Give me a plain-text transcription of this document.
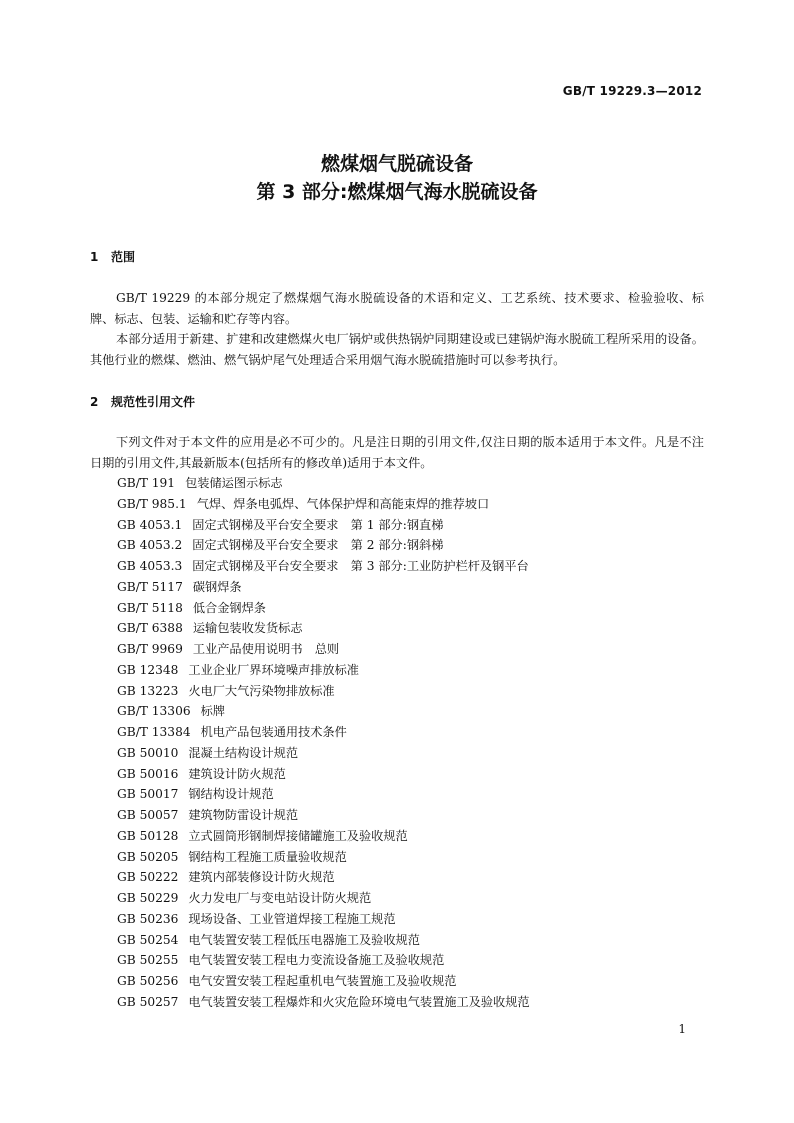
GB/T 19229.3—2012
燃煤烟气脱硫设备
第 3 部分:燃煤烟气海水脱硫设备
1 范围

GB/T 19229 的本部分规定了燃煤烟气海水脱硫设备的术语和定义、工艺系统、技术要求、检验验收、标牌、标志、包装、运输和贮存等内容。

本部分适用于新建、扩建和改建燃煤火电厂锅炉或供热锅炉同期建设或已建锅炉海水脱硫工程所采用的设备。其他行业的燃煤、燃油、燃气锅炉尾气处理适合采用烟气海水脱硫措施时可以参考执行。

2 规范性引用文件

下列文件对于本文件的应用是必不可少的。凡是注日期的引用文件,仅注日期的版本适用于本文件。凡是不注日期的引用文件,其最新版本(包括所有的修改单)适用于本文件。

GB/T 191 包装储运图示标志
GB/T 985.1 气焊、焊条电弧焊、气体保护焊和高能束焊的推荐坡口
GB 4053.1 固定式钢梯及平台安全要求　第 1 部分:钢直梯
GB 4053.2 固定式钢梯及平台安全要求　第 2 部分:钢斜梯
GB 4053.3 固定式钢梯及平台安全要求　第 3 部分:工业防护栏杆及钢平台
GB/T 5117 碳钢焊条
GB/T 5118 低合金钢焊条
GB/T 6388 运输包装收发货标志
GB/T 9969 工业产品使用说明书　总则
GB 12348 工业企业厂界环境噪声排放标准
GB 13223 火电厂大气污染物排放标准
GB/T 13306 标牌
GB/T 13384 机电产品包装通用技术条件
GB 50010 混凝土结构设计规范
GB 50016 建筑设计防火规范
GB 50017 钢结构设计规范
GB 50057 建筑物防雷设计规范
GB 50128 立式圆筒形钢制焊接储罐施工及验收规范
GB 50205 钢结构工程施工质量验收规范
GB 50222 建筑内部装修设计防火规范
GB 50229 火力发电厂与变电站设计防火规范
GB 50236 现场设备、工业管道焊接工程施工规范
GB 50254 电气装置安装工程低压电器施工及验收规范
GB 50255 电气装置安装工程电力变流设备施工及验收规范
GB 50256 电气安置安装工程起重机电气装置施工及验收规范
GB 50257 电气装置安装工程爆炸和火灾危险环境电气装置施工及验收规范
1
